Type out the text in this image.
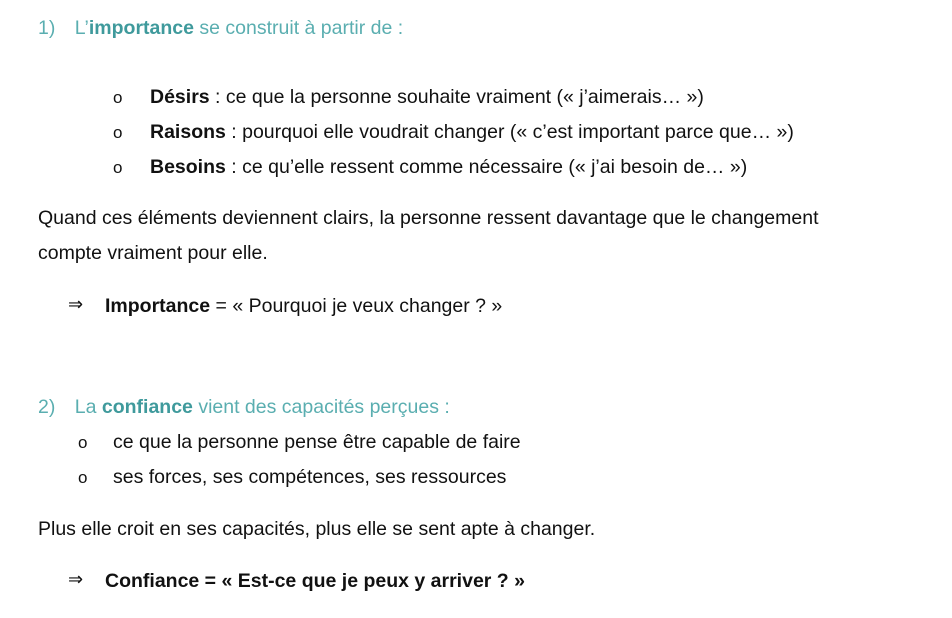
1) L’importance se construit à partir de :
o Désirs : ce que la personne souhaite vraiment (« j’aimerais… »)
o Raisons : pourquoi elle voudrait changer (« c’est important parce que… »)
o Besoins : ce qu’elle ressent comme nécessaire (« j’ai besoin de… »)
Quand ces éléments deviennent clairs, la personne ressent davantage que le changement
compte vraiment pour elle.
⇒ Importance = « Pourquoi je veux changer ? »
2) La confiance vient des capacités perçues :
o ce que la personne pense être capable de faire
o ses forces, ses compétences, ses ressources
Plus elle croit en ses capacités, plus elle se sent apte à changer.
⇒ Confiance = « Est-ce que je peux y arriver ? »
